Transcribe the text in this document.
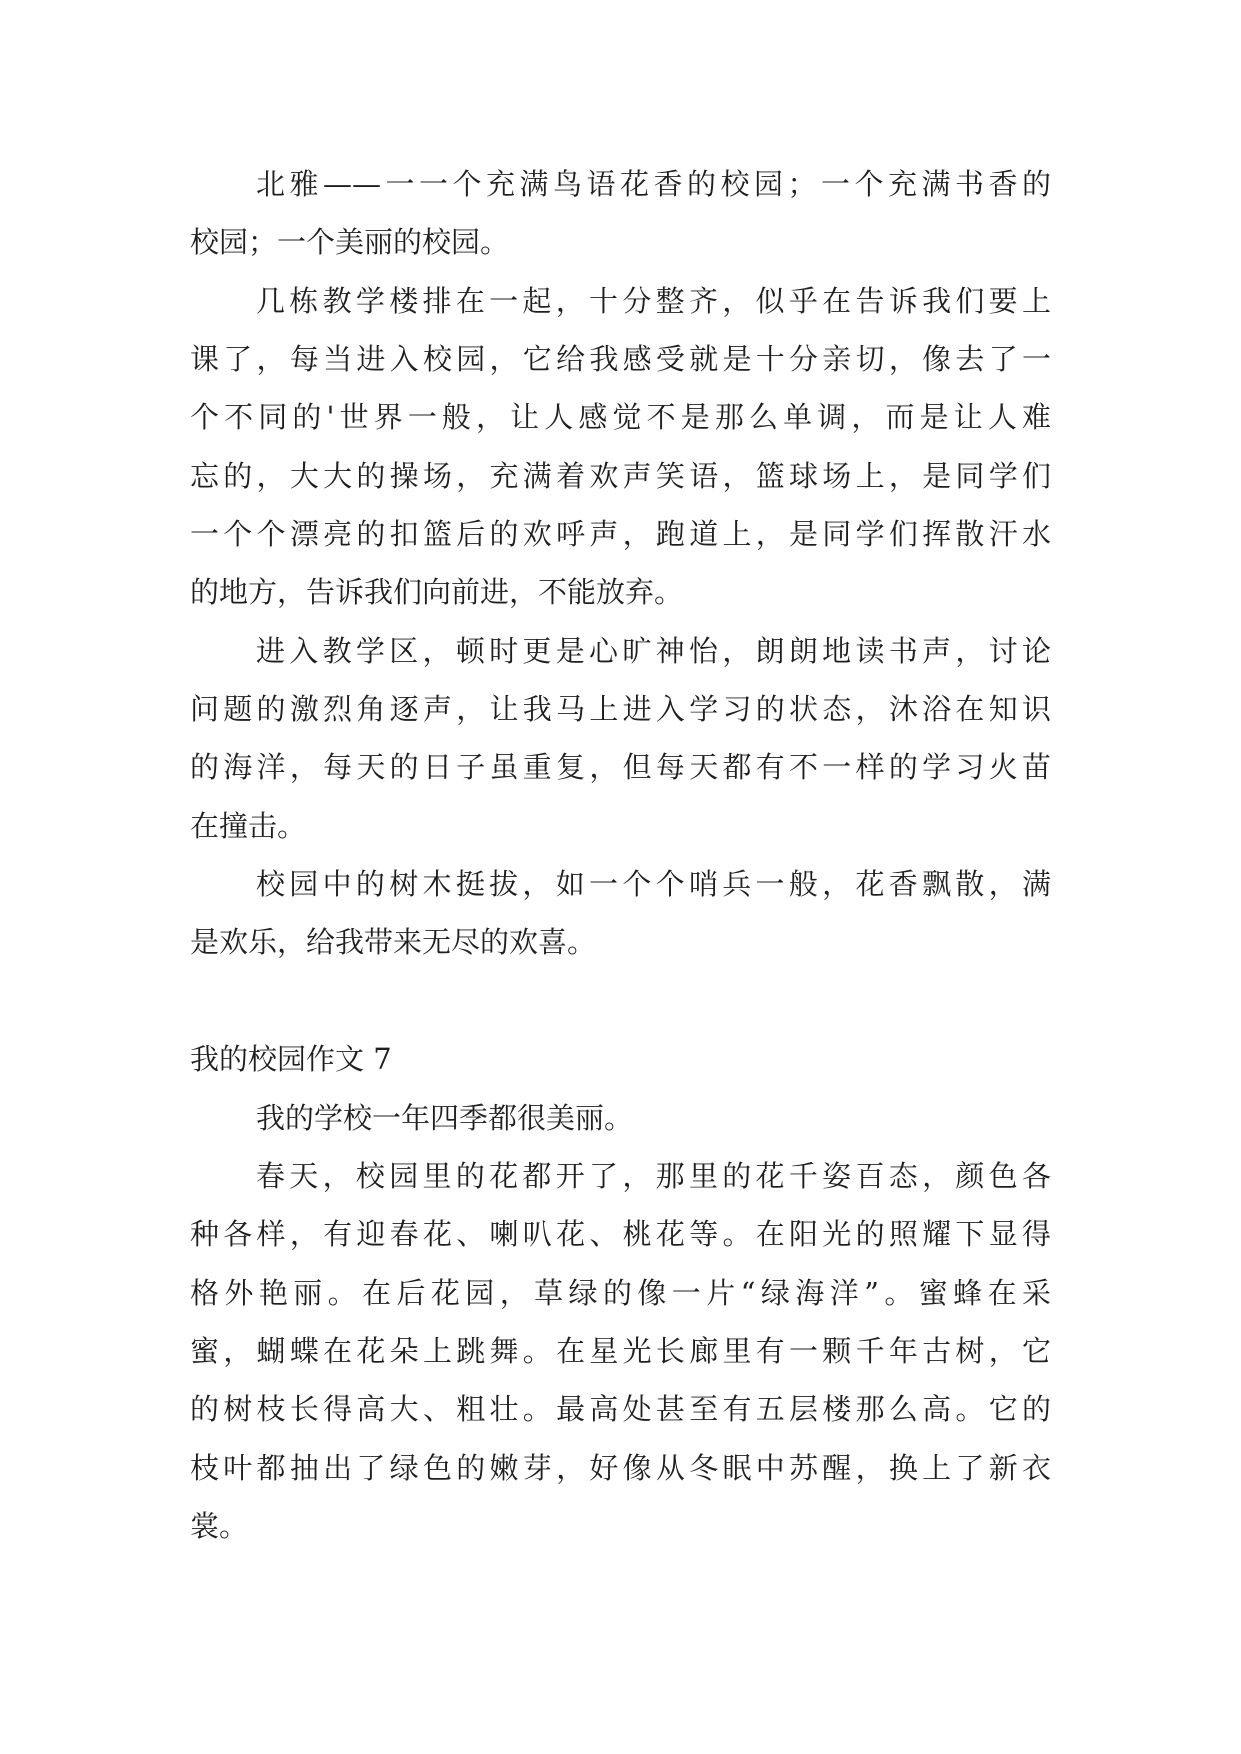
北雅——一一个充满鸟语花香的校园；一个充满书香的
校园；一个美丽的校园。
几栋教学楼排在一起，十分整齐，似乎在告诉我们要上
课了，每当进入校园，它给我感受就是十分亲切，像去了一
个不同的'世界一般，让人感觉不是那么单调，而是让人难
忘的，大大的操场，充满着欢声笑语，篮球场上，是同学们
一个个漂亮的扣篮后的欢呼声，跑道上，是同学们挥散汗水
的地方，告诉我们向前进，不能放弃。
进入教学区，顿时更是心旷神怡，朗朗地读书声，讨论
问题的激烈角逐声，让我马上进入学习的状态，沐浴在知识
的海洋，每天的日子虽重复，但每天都有不一样的学习火苗
在撞击。
校园中的树木挺拔，如一个个哨兵一般，花香飘散，满
是欢乐，给我带来无尽的欢喜。
我的校园作文 7
我的学校一年四季都很美丽。
春天，校园里的花都开了，那里的花千姿百态，颜色各
种各样，有迎春花、喇叭花、桃花等。在阳光的照耀下显得
格外艳丽。在后花园，草绿的像一片“绿海洋”。蜜蜂在采
蜜，蝴蝶在花朵上跳舞。在星光长廊里有一颗千年古树，它
的树枝长得高大、粗壮。最高处甚至有五层楼那么高。它的
枝叶都抽出了绿色的嫩芽，好像从冬眠中苏醒，换上了新衣
裳。
